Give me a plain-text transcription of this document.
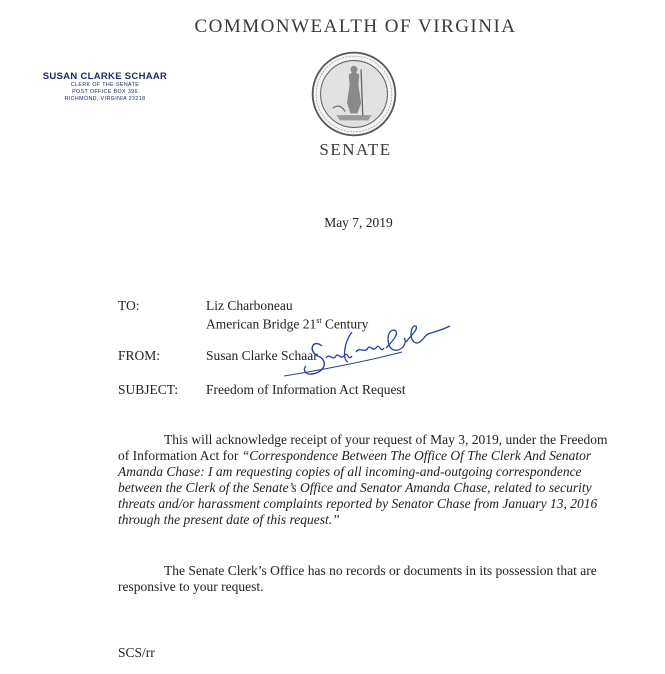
COMMONWEALTH OF VIRGINIA
SENATE
SUSAN CLARKE SCHAAR
CLERK OF THE SENATE
POST OFFICE BOX 396
RICHMOND, VIRGINIA 23218
May 7, 2019
TO:	Liz Charboneau
American Bridge 21st Century
FROM:	Susan Clarke Schaar
SUBJECT: Freedom of Information Act Request
This will acknowledge receipt of your request of May 3, 2019, under the Freedom of Information Act for “Correspondence Between The Office Of The Clerk And Senator Amanda Chase: I am requesting copies of all incoming-and-outgoing correspondence between the Clerk of the Senate’s Office and Senator Amanda Chase, related to security threats and/or harassment complaints reported by Senator Chase from January 13, 2016 through the present date of this request.”
The Senate Clerk’s Office has no records or documents in its possession that are responsive to your request.
SCS/rr
